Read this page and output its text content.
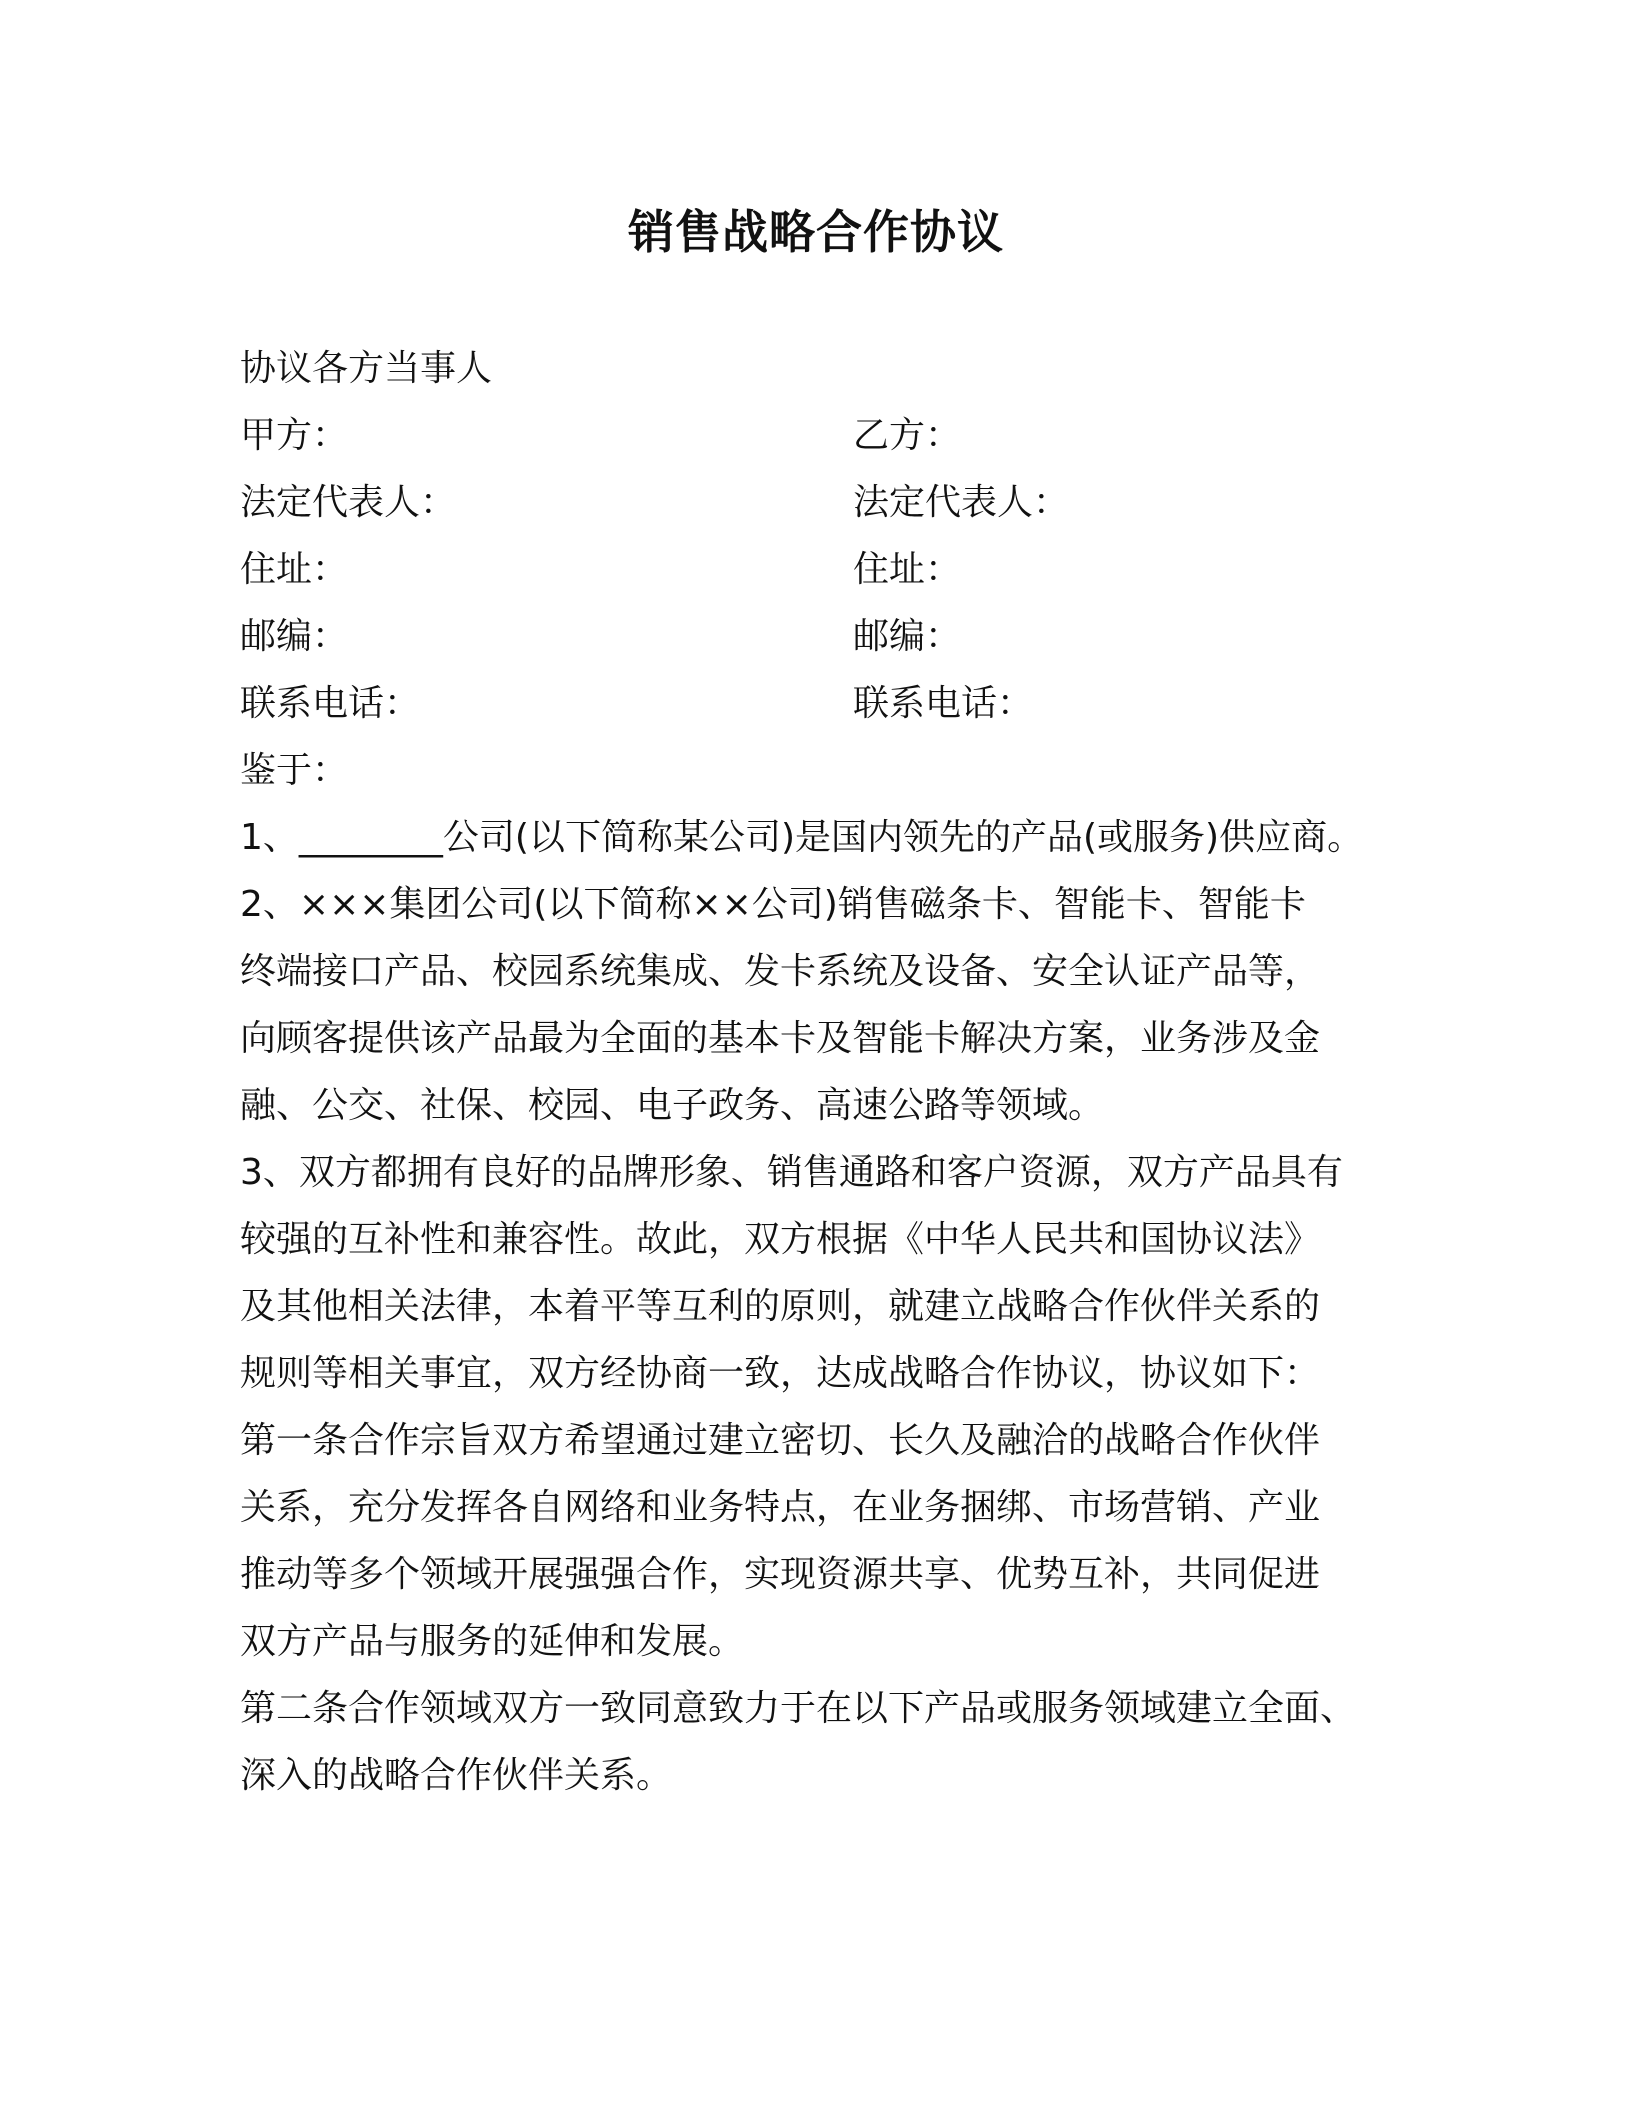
销售战略合作协议
协议各方当事人
甲方：	乙方：
法定代表人：	法定代表人：
住址：	住址：
邮编：	邮编：
联系电话：	联系电话：
鉴于：
1、________公司(以下简称某公司)是国内领先的产品(或服务)供应商。
2、×××集团公司(以下简称××公司)销售磁条卡、智能卡、智能卡
终端接口产品、校园系统集成、发卡系统及设备、安全认证产品等，
向顾客提供该产品最为全面的基本卡及智能卡解决方案，业务涉及金
融、公交、社保、校园、电子政务、高速公路等领域。
3、双方都拥有良好的品牌形象、销售通路和客户资源，双方产品具有
较强的互补性和兼容性。故此，双方根据《中华人民共和国协议法》
及其他相关法律，本着平等互利的原则，就建立战略合作伙伴关系的
规则等相关事宜，双方经协商一致，达成战略合作协议，协议如下：
第一条合作宗旨双方希望通过建立密切、长久及融洽的战略合作伙伴
关系，充分发挥各自网络和业务特点，在业务捆绑、市场营销、产业
推动等多个领域开展强强合作，实现资源共享、优势互补，共同促进
双方产品与服务的延伸和发展。
第二条合作领域双方一致同意致力于在以下产品或服务领域建立全面、
深入的战略合作伙伴关系。
